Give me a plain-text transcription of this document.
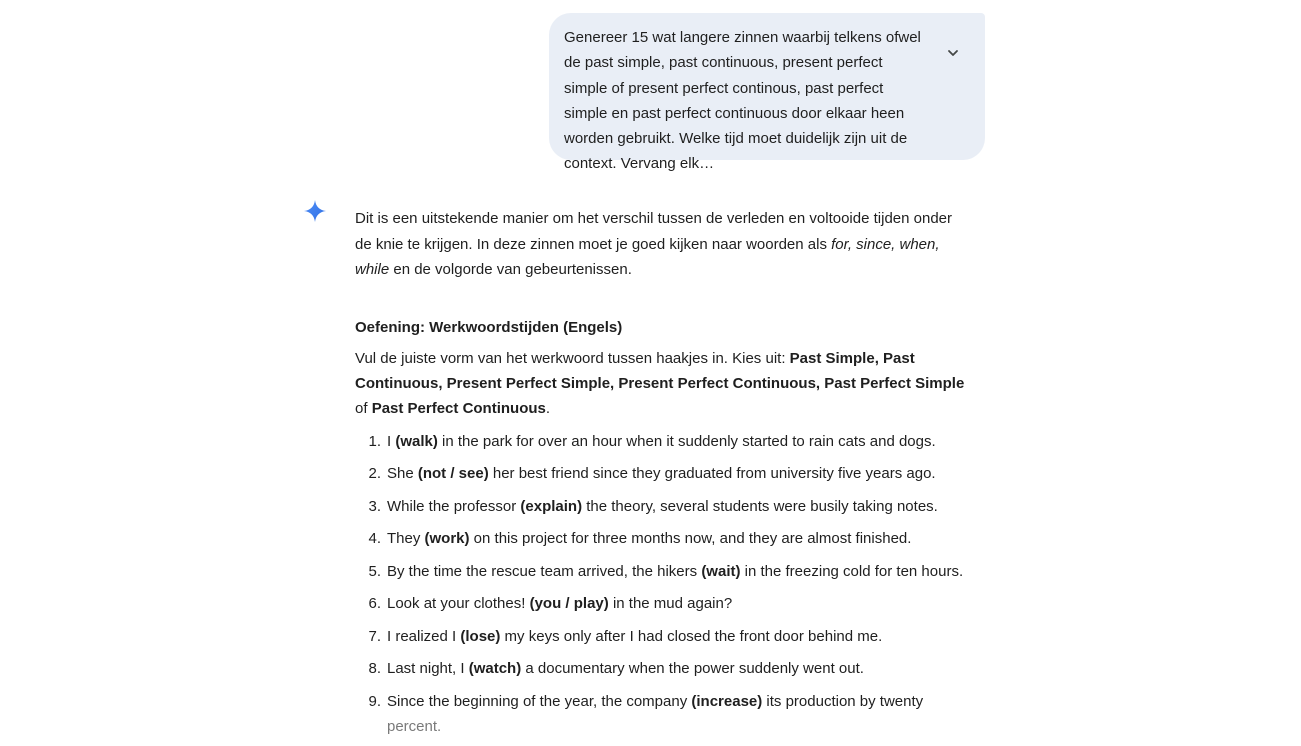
Genereer 15 wat langere zinnen waarbij telkens ofwel de past simple, past continuous, present perfect simple of present perfect continous, past perfect simple en past perfect continuous door elkaar heen worden gebruikt. Welke tijd moet duidelijk zijn uit de context. Vervang elk…

Dit is een uitstekende manier om het verschil tussen de verleden en voltooide tijden onder de knie te krijgen. In deze zinnen moet je goed kijken naar woorden als for, since, when, while en de volgorde van gebeurtenissen.

Oefening: Werkwoordstijden (Engels)

Vul de juiste vorm van het werkwoord tussen haakjes in. Kies uit: Past Simple, Past Continuous, Present Perfect Simple, Present Perfect Continuous, Past Perfect Simple of Past Perfect Continuous.

1. I (walk) in the park for over an hour when it suddenly started to rain cats and dogs.
2. She (not / see) her best friend since they graduated from university five years ago.
3. While the professor (explain) the theory, several students were busily taking notes.
4. They (work) on this project for three months now, and they are almost finished.
5. By the time the rescue team arrived, the hikers (wait) in the freezing cold for ten hours.
6. Look at your clothes! (you / play) in the mud again?
7. I realized I (lose) my keys only after I had closed the front door behind me.
8. Last night, I (watch) a documentary when the power suddenly went out.
9. Since the beginning of the year, the company (increase) its production by twenty
percent.
